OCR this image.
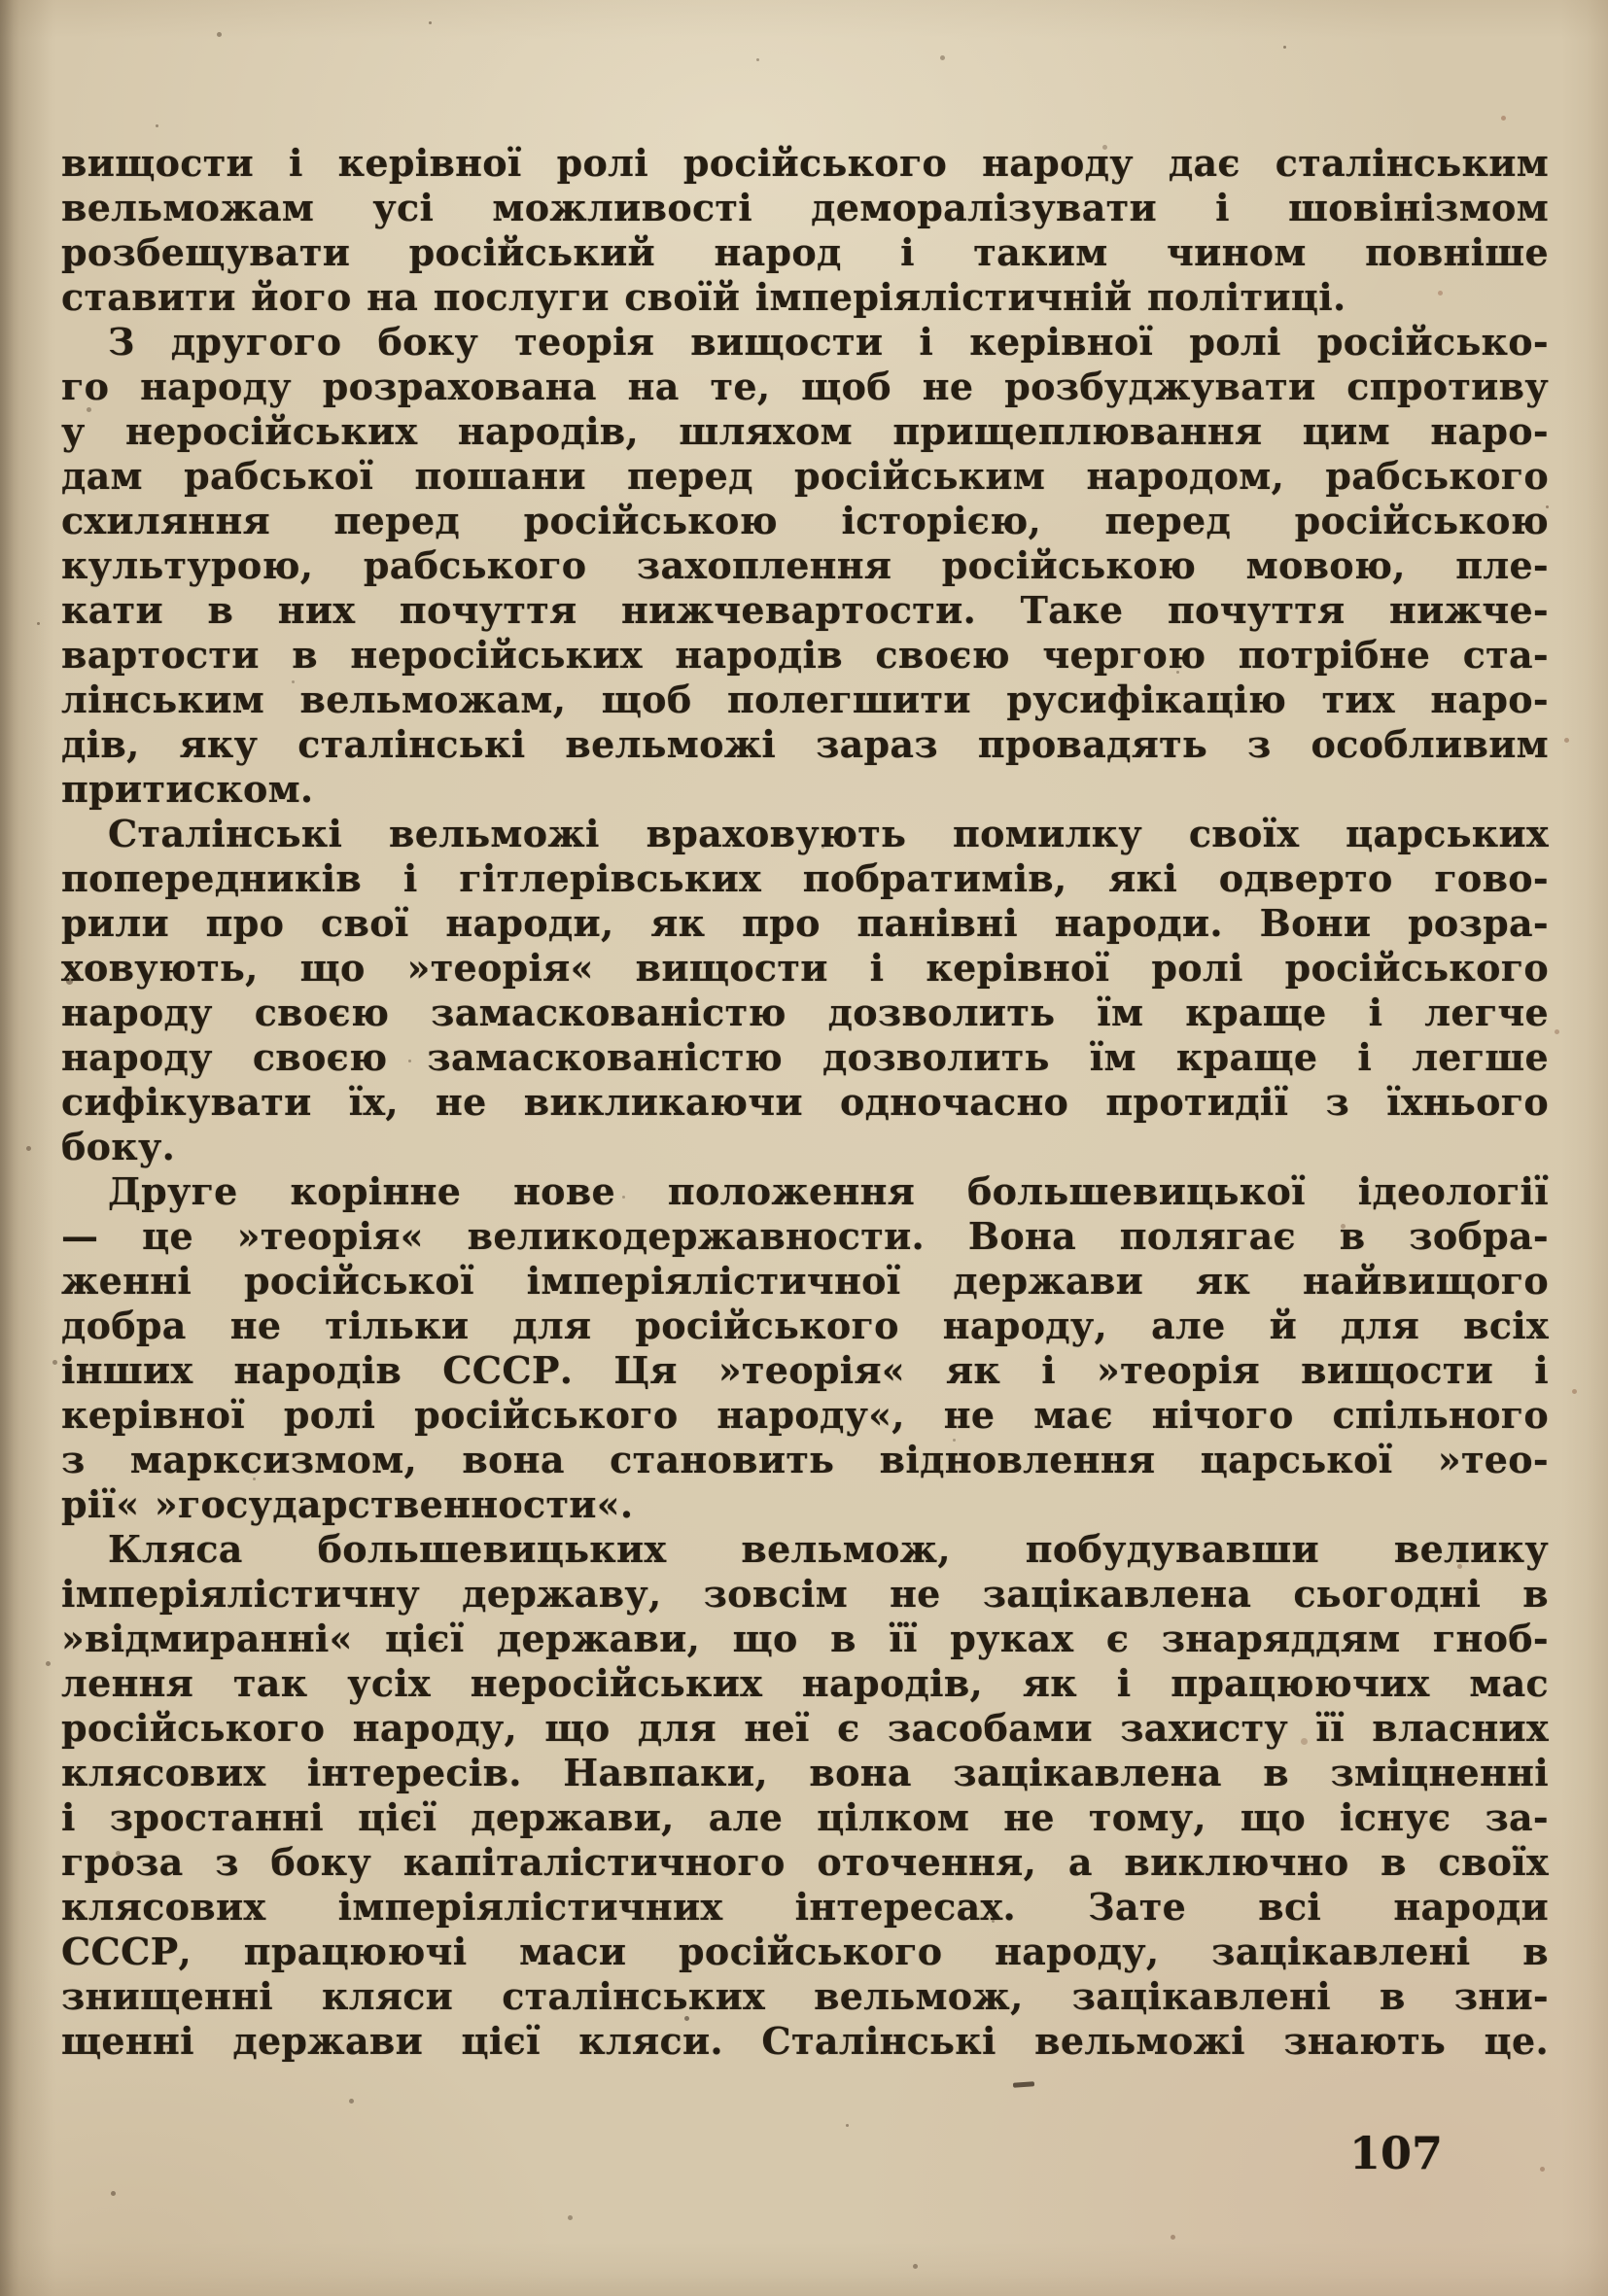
вищости і керівної ролі російського народу дає сталінським
вельможам усі можливості деморалізувати і шовінізмом
розбещувати російський народ і таким чином повніше
ставити його на послуги своїй імперіялістичній політиці.
З другого боку теорія вищости і керівної ролі російсько-
го народу розрахована на те, щоб не розбуджувати спротиву
у неросійських народів, шляхом прищеплювання цим наро-
дам рабської пошани перед російським народом, рабського
схиляння перед російською історією, перед російською
культурою, рабського захоплення російською мовою, пле-
кати в них почуття нижчевартости. Таке почуття нижче-
вартости в неросійських народів своєю чергою потрібне ста-
лінським вельможам, щоб полегшити русифікацію тих наро-
дів, яку сталінські вельможі зараз провадять з особливим
притиском.
Сталінські вельможі враховують помилку своїх царських
попередників і гітлерівських побратимів, які одверто гово-
рили про свої народи, як про панівні народи. Вони розра-
ховують, що »теорія« вищости і керівної ролі російського
народу своєю замаскованістю дозволить їм краще і легче
народу своєю замаскованістю дозволить їм краще і легше
сифікувати їх, не викликаючи одночасно протидії з їхнього
боку.
Друге корінне нове положення большевицької ідеології
— це »теорія« великодержавности. Вона полягає в зобра-
женні російської імперіялістичної держави як найвищого
добра не тільки для російського народу, але й для всіх
інших народів СССР. Ця »теорія« як і »теорія вищости і
керівної ролі російського народу«, не має нічого спільного
з марксизмом, вона становить відновлення царської »тео-
рії« »государственности«.
Кляса большевицьких вельмож, побудувавши велику
імперіялістичну державу, зовсім не зацікавлена сьогодні в
»відмиранні« цієї держави, що в її руках є знаряддям гноб-
лення так усіх неросійських народів, як і працюючих мас
російського народу, що для неї є засобами захисту її власних
клясових інтересів. Навпаки, вона зацікавлена в зміцненні
і зростанні цієї держави, але цілком не тому, що існує за-
гроза з боку капіталістичного оточення, а виключно в своїх
клясових імперіялістичних інтересах. Зате всі народи
СССР, працюючі маси російського народу, зацікавлені в
знищенні кляси сталінських вельмож, зацікавлені в зни-
щенні держави цієї кляси. Сталінські вельможі знають це.
107
